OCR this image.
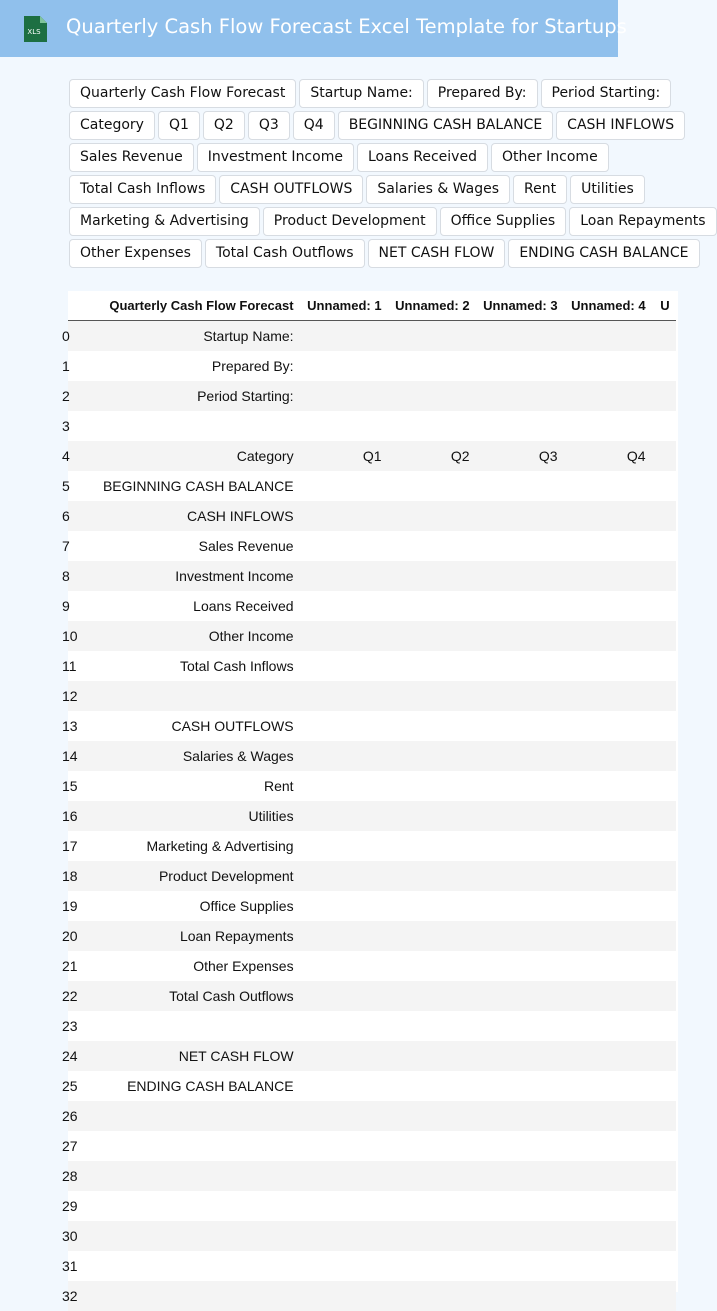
XLS Quarterly Cash Flow Forecast Excel Template for Startups
Quarterly Cash Flow Forecast	Startup Name:	Prepared By:	Period Starting:
Category	Q1	Q2	Q3	Q4	BEGINNING CASH BALANCE	CASH INFLOWS
Sales Revenue	Investment Income	Loans Received	Other Income
Total Cash Inflows	CASH OUTFLOWS	Salaries & Wages	Rent	Utilities
Marketing & Advertising	Product Development	Office Supplies	Loan Repayments
Other Expenses	Total Cash Outflows	NET CASH FLOW	ENDING CASH BALANCE
	Quarterly Cash Flow Forecast	Unnamed: 1	Unnamed: 2	Unnamed: 3	Unnamed: 4	U
0	Startup Name:					
1	Prepared By:					
2	Period Starting:					
3						
4	Category	Q1	Q2	Q3	Q4	
5	BEGINNING CASH BALANCE					
6	CASH INFLOWS					
7	Sales Revenue					
8	Investment Income					
9	Loans Received					
10	Other Income					
11	Total Cash Inflows					
12						
13	CASH OUTFLOWS					
14	Salaries & Wages					
15	Rent					
16	Utilities					
17	Marketing & Advertising					
18	Product Development					
19	Office Supplies					
20	Loan Repayments					
21	Other Expenses					
22	Total Cash Outflows					
23						
24	NET CASH FLOW					
25	ENDING CASH BALANCE					
26						
27						
28						
29						
30						
31						
32						
